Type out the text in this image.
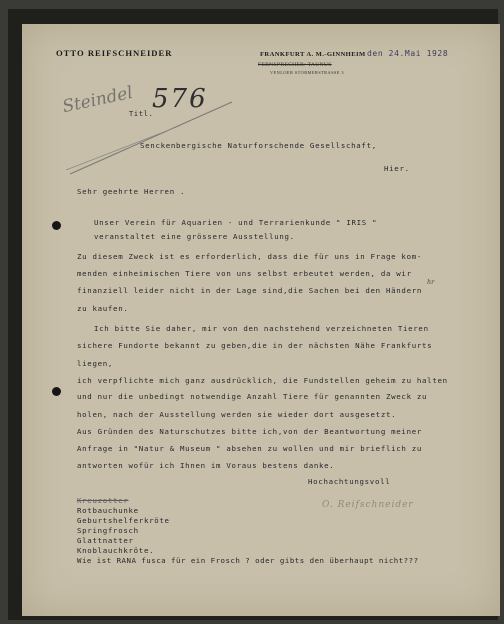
OTTO REIFSCHNEIDER	FRANKFURT A. M.-GINNHEIM
FERNSPRECHER: TAUNUS
VENLOER STORMERSTRASSE 3
den 24.Mai 1928
Steindel
Titl.
576
Senckenbergische Naturforschende Gesellschaft,
Hier.
Sehr geehrte Herren .
Unser Verein für Aquarien - und Terrarienkunde " IRIS "
veranstaltet eine grössere Ausstellung.
Zu diesem Zweck ist es erforderlich, dass die für uns in Frage kom-
menden einheimischen Tiere von uns selbst erbeutet werden, da wir
hr
finanziell leider nicht in der Lage sind,die Sachen bei den Händern
zu kaufen.
Ich bitte Sie daher, mir von den nachstehend verzeichneten Tieren
sichere Fundorte bekannt zu geben,die in der nächsten Nähe Frankfurts
liegen,
ich verpflichte mich ganz ausdrücklich, die Fundstellen geheim zu halten
und nur die unbedingt notwendige Anzahl Tiere für genannten Zweck zu
holen, nach der Ausstellung werden sie wieder dort ausgesetzt.
Aus Gründen des Naturschutzes bitte ich,von der Beantwortung meiner
Anfrage in "Natur & Museum " absehen zu wollen und mir brieflich zu
antworten wofür ich Ihnen im Voraus bestens danke.
Hochachtungsvoll
O. Reifschneider
Kreuzotter
Rotbauchunke
Geburtshelferkröte
Springfrosch
Glattnatter
Knoblauchkröte.
Wie ist RANA fusca für ein Frosch ? oder gibts den überhaupt nicht???
